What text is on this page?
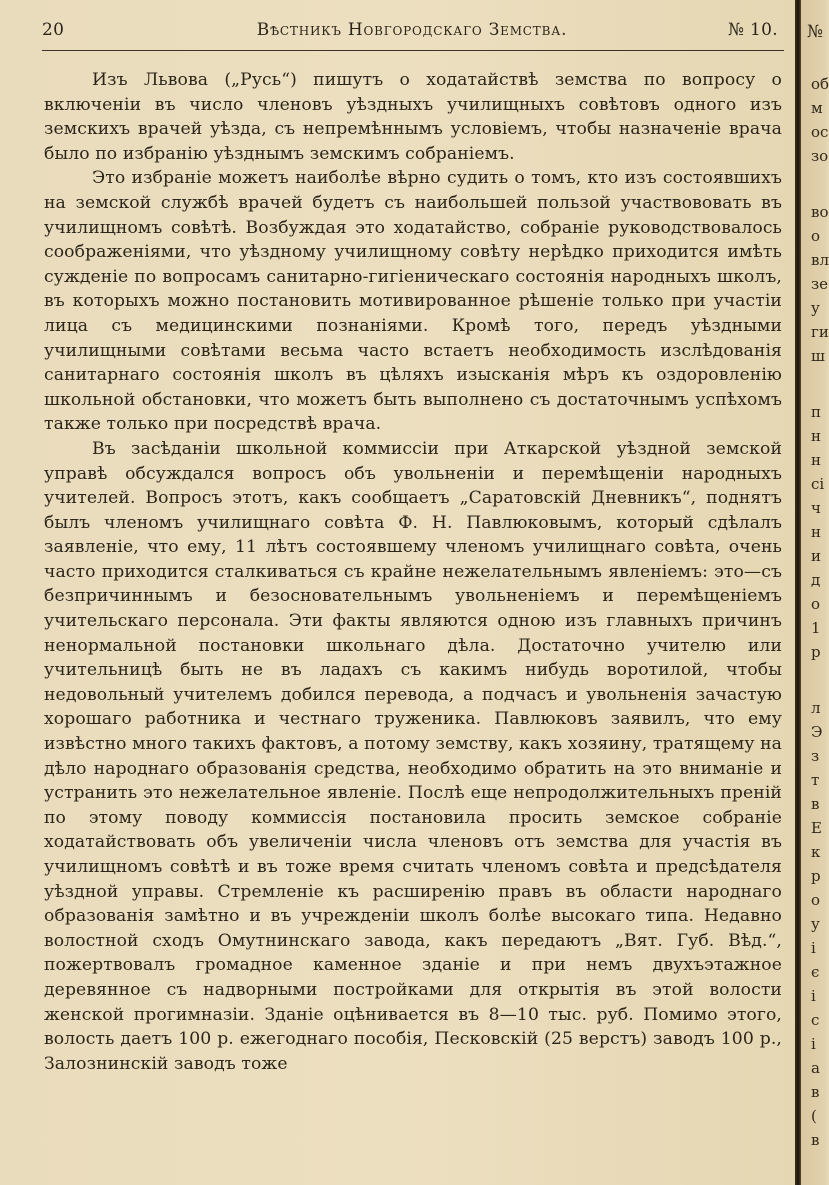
20	Вѣстникъ Новгородскаго Земства.	№ 10.

Изъ Львова („Русь“) пишутъ о ходатайствѣ земства по вопросу о включеніи въ число членовъ уѣздныхъ училищныхъ совѣтовъ одного изъ земскихъ врачей уѣзда, съ непремѣннымъ условіемъ, чтобы назначеніе врача было по избранію уѣзднымъ земскимъ собраніемъ.

Это избраніе можетъ наиболѣе вѣрно судить о томъ, кто изъ состоявшихъ на земской службѣ врачей будетъ съ наибольшей пользой участвововать въ училищномъ совѣтѣ. Возбуждая это ходатайство, собраніе руководствовалось соображеніями, что уѣздному училищному совѣту нерѣдко приходится имѣть сужденіе по вопросамъ санитарно-гигіеническаго состоянія народныхъ школъ, въ которыхъ можно постановить мотивированное рѣшеніе только при участіи лица съ медицинскими познаніями. Кромѣ того, передъ уѣздными училищными совѣтами весьма часто встаетъ необходимость изслѣдованія санитарнаго состоянія школъ въ цѣляхъ изысканія мѣръ къ оздоровленію школьной обстановки, что можетъ быть выполнено съ достаточнымъ успѣхомъ также только при посредствѣ врача.

Въ засѣданіи школьной коммиссіи при Аткарской уѣздной земской управѣ обсуждался вопросъ объ увольненіи и перемѣщеніи народныхъ учителей. Вопросъ этотъ, какъ сообщаетъ „Саратовскій Дневникъ“, поднятъ былъ членомъ училищнаго совѣта Ф. Н. Павлюковымъ, который сдѣлалъ заявленіе, что ему, 11 лѣтъ состоявшему членомъ училищнаго совѣта, очень часто приходится сталкиваться съ крайне нежелательнымъ явленіемъ: это—съ безпричиннымъ и безосновательнымъ увольненіемъ и перемѣщеніемъ учительскаго персонала. Эти факты являются одною изъ главныхъ причинъ ненормальной постановки школьнаго дѣла. Достаточно учителю или учительницѣ быть не въ ладахъ съ какимъ нибудь воротилой, чтобы недовольный учителемъ добился перевода, а подчасъ и увольненія зачастую хорошаго работника и честнаго труженика. Павлюковъ заявилъ, что ему извѣстно много такихъ фактовъ, а потому земству, какъ хозяину, тратящему на дѣло народнаго образованія средства, необходимо обратить на это вниманіе и устранить это нежелательное явленіе. Послѣ еще непродолжительныхъ преній по этому поводу коммиссія постановила просить земское собраніе ходатайствовать объ увеличеніи числа членовъ отъ земства для участія въ училищномъ совѣтѣ и въ тоже время считать членомъ совѣта и предсѣдателя уѣздной управы. Стремленіе къ расширенію правъ въ области народнаго образованія замѣтно и въ учрежденіи школъ болѣе высокаго типа. Недавно волостной сходъ Омутнинскаго завода, какъ передаютъ „Вят. Губ. Вѣд.“, пожертвовалъ громадное каменное зданіе и при немъ двухъэтажное деревянное съ надворными постройками для открытія въ этой волости женской прогимназіи. Зданіе оцѣнивается въ 8—10 тыс. руб. Помимо этого, волость даетъ 100 р. ежегоднаго пособія, Песковскій (25 верстъ) заводъ 100 р., Залознинскій заводъ тоже

№
об
м
ос
зо
во
о
вл
зе
у
ги
ш
п
н
н
сі
ч
н
и
д
о
1
р
л
Э
з
т
в
Е
к
р
о
у
і
є
і
с
і
а
в
(
в
